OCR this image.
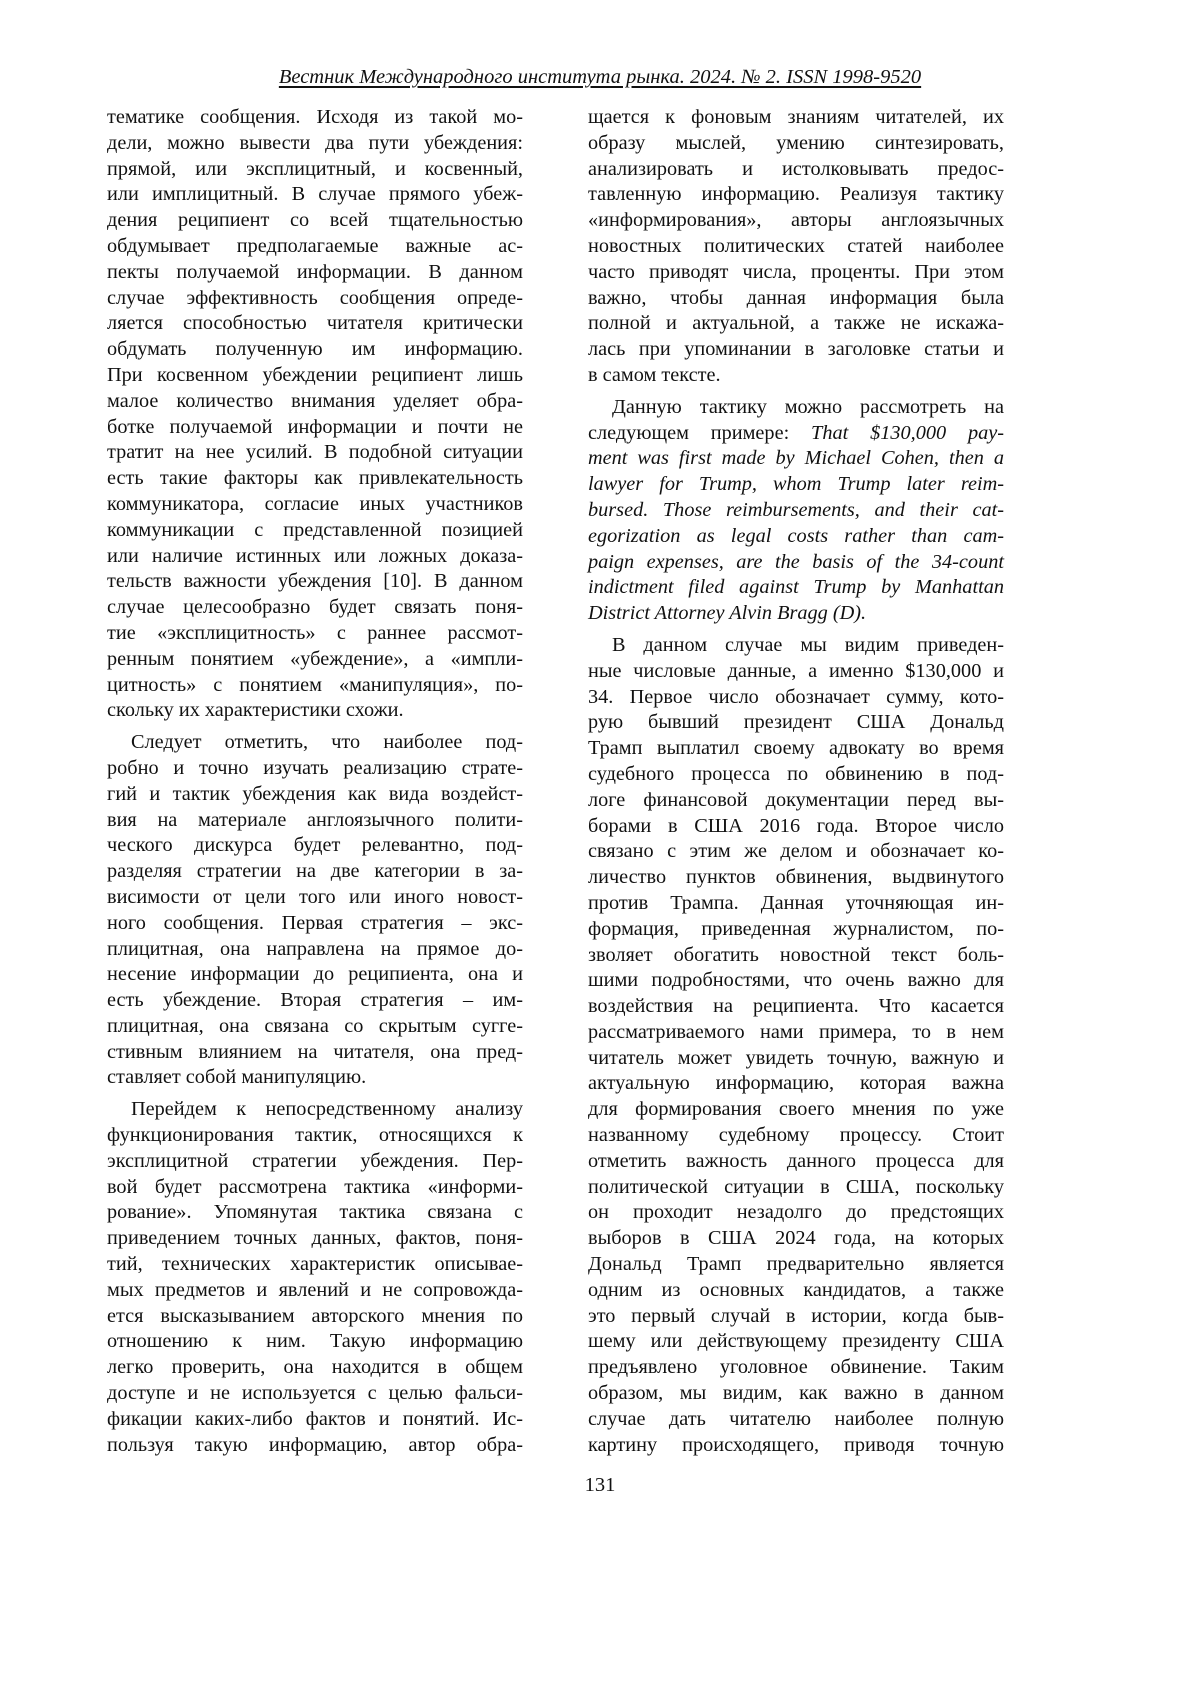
Вестник Международного института рынка. 2024. № 2. ISSN 1998-9520
тематике сообщения. Исходя из такой мо-
дели, можно вывести два пути убеждения:
прямой, или эксплицитный, и косвенный,
или имплицитный. В случае прямого убеж-
дения реципиент со всей тщательностью
обдумывает предполагаемые важные ас-
пекты получаемой информации. В данном
случае эффективность сообщения опреде-
ляется способностью читателя критически
обдумать полученную им информацию.
При косвенном убеждении реципиент лишь
малое количество внимания уделяет обра-
ботке получаемой информации и почти не
тратит на нее усилий. В подобной ситуации
есть такие факторы как привлекательность
коммуникатора, согласие иных участников
коммуникации с представленной позицией
или наличие истинных или ложных доказа-
тельств важности убеждения [10]. В данном
случае целесообразно будет связать поня-
тие «эксплицитность» с раннее рассмот-
ренным понятием «убеждение», а «импли-
цитность» с понятием «манипуляция», по-
скольку их характеристики схожи.
Следует отметить, что наиболее под-
робно и точно изучать реализацию страте-
гий и тактик убеждения как вида воздейст-
вия на материале англоязычного полити-
ческого дискурса будет релевантно, под-
разделяя стратегии на две категории в за-
висимости от цели того или иного новост-
ного сообщения. Первая стратегия – экс-
плицитная, она направлена на прямое до-
несение информации до реципиента, она и
есть убеждение. Вторая стратегия – им-
плицитная, она связана со скрытым сугге-
стивным влиянием на читателя, она пред-
ставляет собой манипуляцию.
Перейдем к непосредственному анализу
функционирования тактик, относящихся к
эксплицитной стратегии убеждения. Пер-
вой будет рассмотрена тактика «информи-
рование». Упомянутая тактика связана с
приведением точных данных, фактов, поня-
тий, технических характеристик описывае-
мых предметов и явлений и не сопровожда-
ется высказыванием авторского мнения по
отношению к ним. Такую информацию
легко проверить, она находится в общем
доступе и не используется с целью фальси-
фикации каких-либо фактов и понятий. Ис-
пользуя такую информацию, автор обра-
щается к фоновым знаниям читателей, их
образу мыслей, умению синтезировать,
анализировать и истолковывать предос-
тавленную информацию. Реализуя тактику
«информирования», авторы англоязычных
новостных политических статей наиболее
часто приводят числа, проценты. При этом
важно, чтобы данная информация была
полной и актуальной, а также не искажа-
лась при упоминании в заголовке статьи и
в самом тексте.
Данную тактику можно рассмотреть на
следующем примере: That $130,000 pay-
ment was first made by Michael Cohen, then a
lawyer for Trump, whom Trump later reim-
bursed. Those reimbursements, and their cat-
egorization as legal costs rather than cam-
paign expenses, are the basis of the 34-count
indictment filed against Trump by Manhattan
District Attorney Alvin Bragg (D).
В данном случае мы видим приведен-
ные числовые данные, а именно $130,000 и
34. Первое число обозначает сумму, кото-
рую бывший президент США Дональд
Трамп выплатил своему адвокату во время
судебного процесса по обвинению в под-
логе финансовой документации перед вы-
борами в США 2016 года. Второе число
связано с этим же делом и обозначает ко-
личество пунктов обвинения, выдвинутого
против Трампа. Данная уточняющая ин-
формация, приведенная журналистом, по-
зволяет обогатить новостной текст боль-
шими подробностями, что очень важно для
воздействия на реципиента. Что касается
рассматриваемого нами примера, то в нем
читатель может увидеть точную, важную и
актуальную информацию, которая важна
для формирования своего мнения по уже
названному судебному процессу. Стоит
отметить важность данного процесса для
политической ситуации в США, поскольку
он проходит незадолго до предстоящих
выборов в США 2024 года, на которых
Дональд Трамп предварительно является
одним из основных кандидатов, а также
это первый случай в истории, когда быв-
шему или действующему президенту США
предъявлено уголовное обвинение. Таким
образом, мы видим, как важно в данном
случае дать читателю наиболее полную
картину происходящего, приводя точную
131
